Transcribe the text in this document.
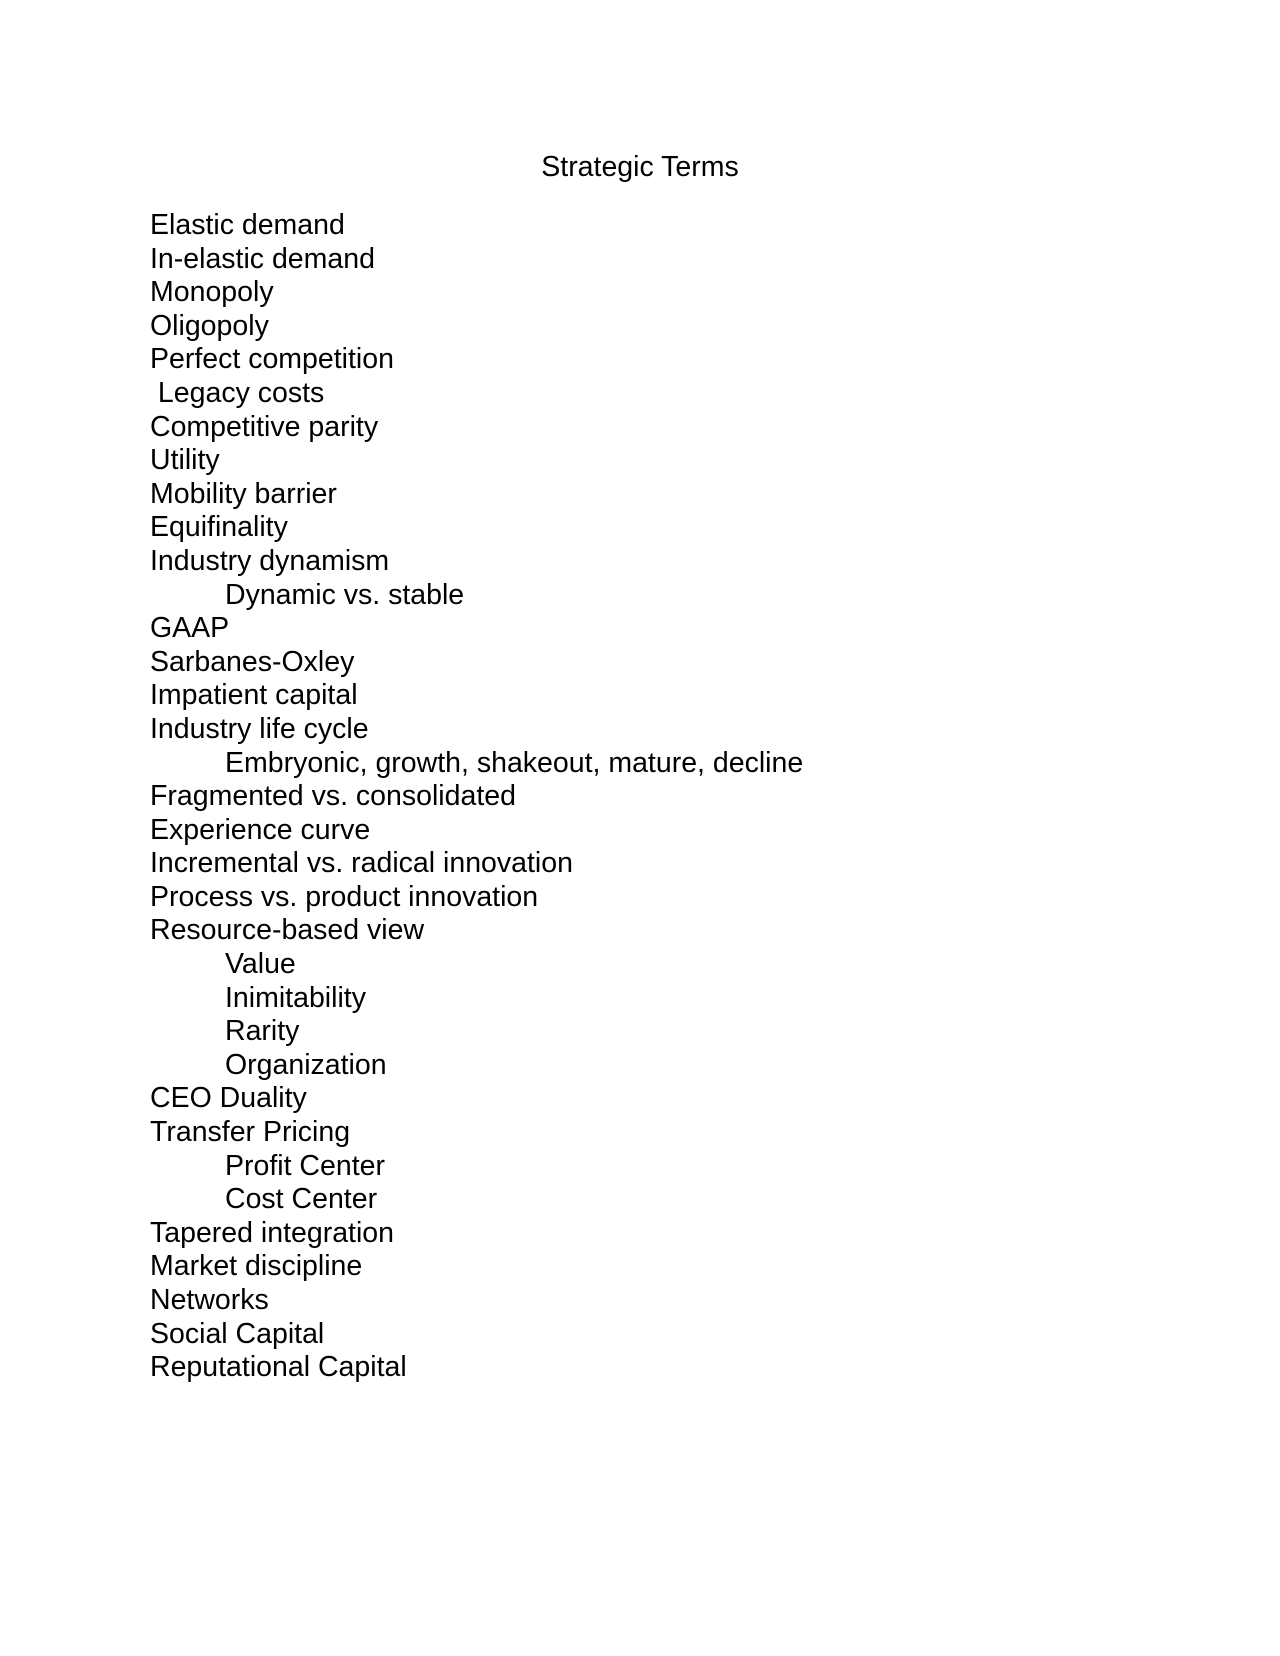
Strategic Terms
Elastic demand
In-elastic demand
Monopoly
Oligopoly
Perfect competition
Legacy costs
Competitive parity
Utility
Mobility barrier
Equifinality
Industry dynamism
Dynamic vs. stable
GAAP
Sarbanes-Oxley
Impatient capital
Industry life cycle
Embryonic, growth, shakeout, mature, decline
Fragmented vs. consolidated
Experience curve
Incremental vs. radical innovation
Process vs. product innovation
Resource-based view
Value
Inimitability
Rarity
Organization
CEO Duality
Transfer Pricing
Profit Center
Cost Center
Tapered integration
Market discipline
Networks
Social Capital
Reputational Capital
